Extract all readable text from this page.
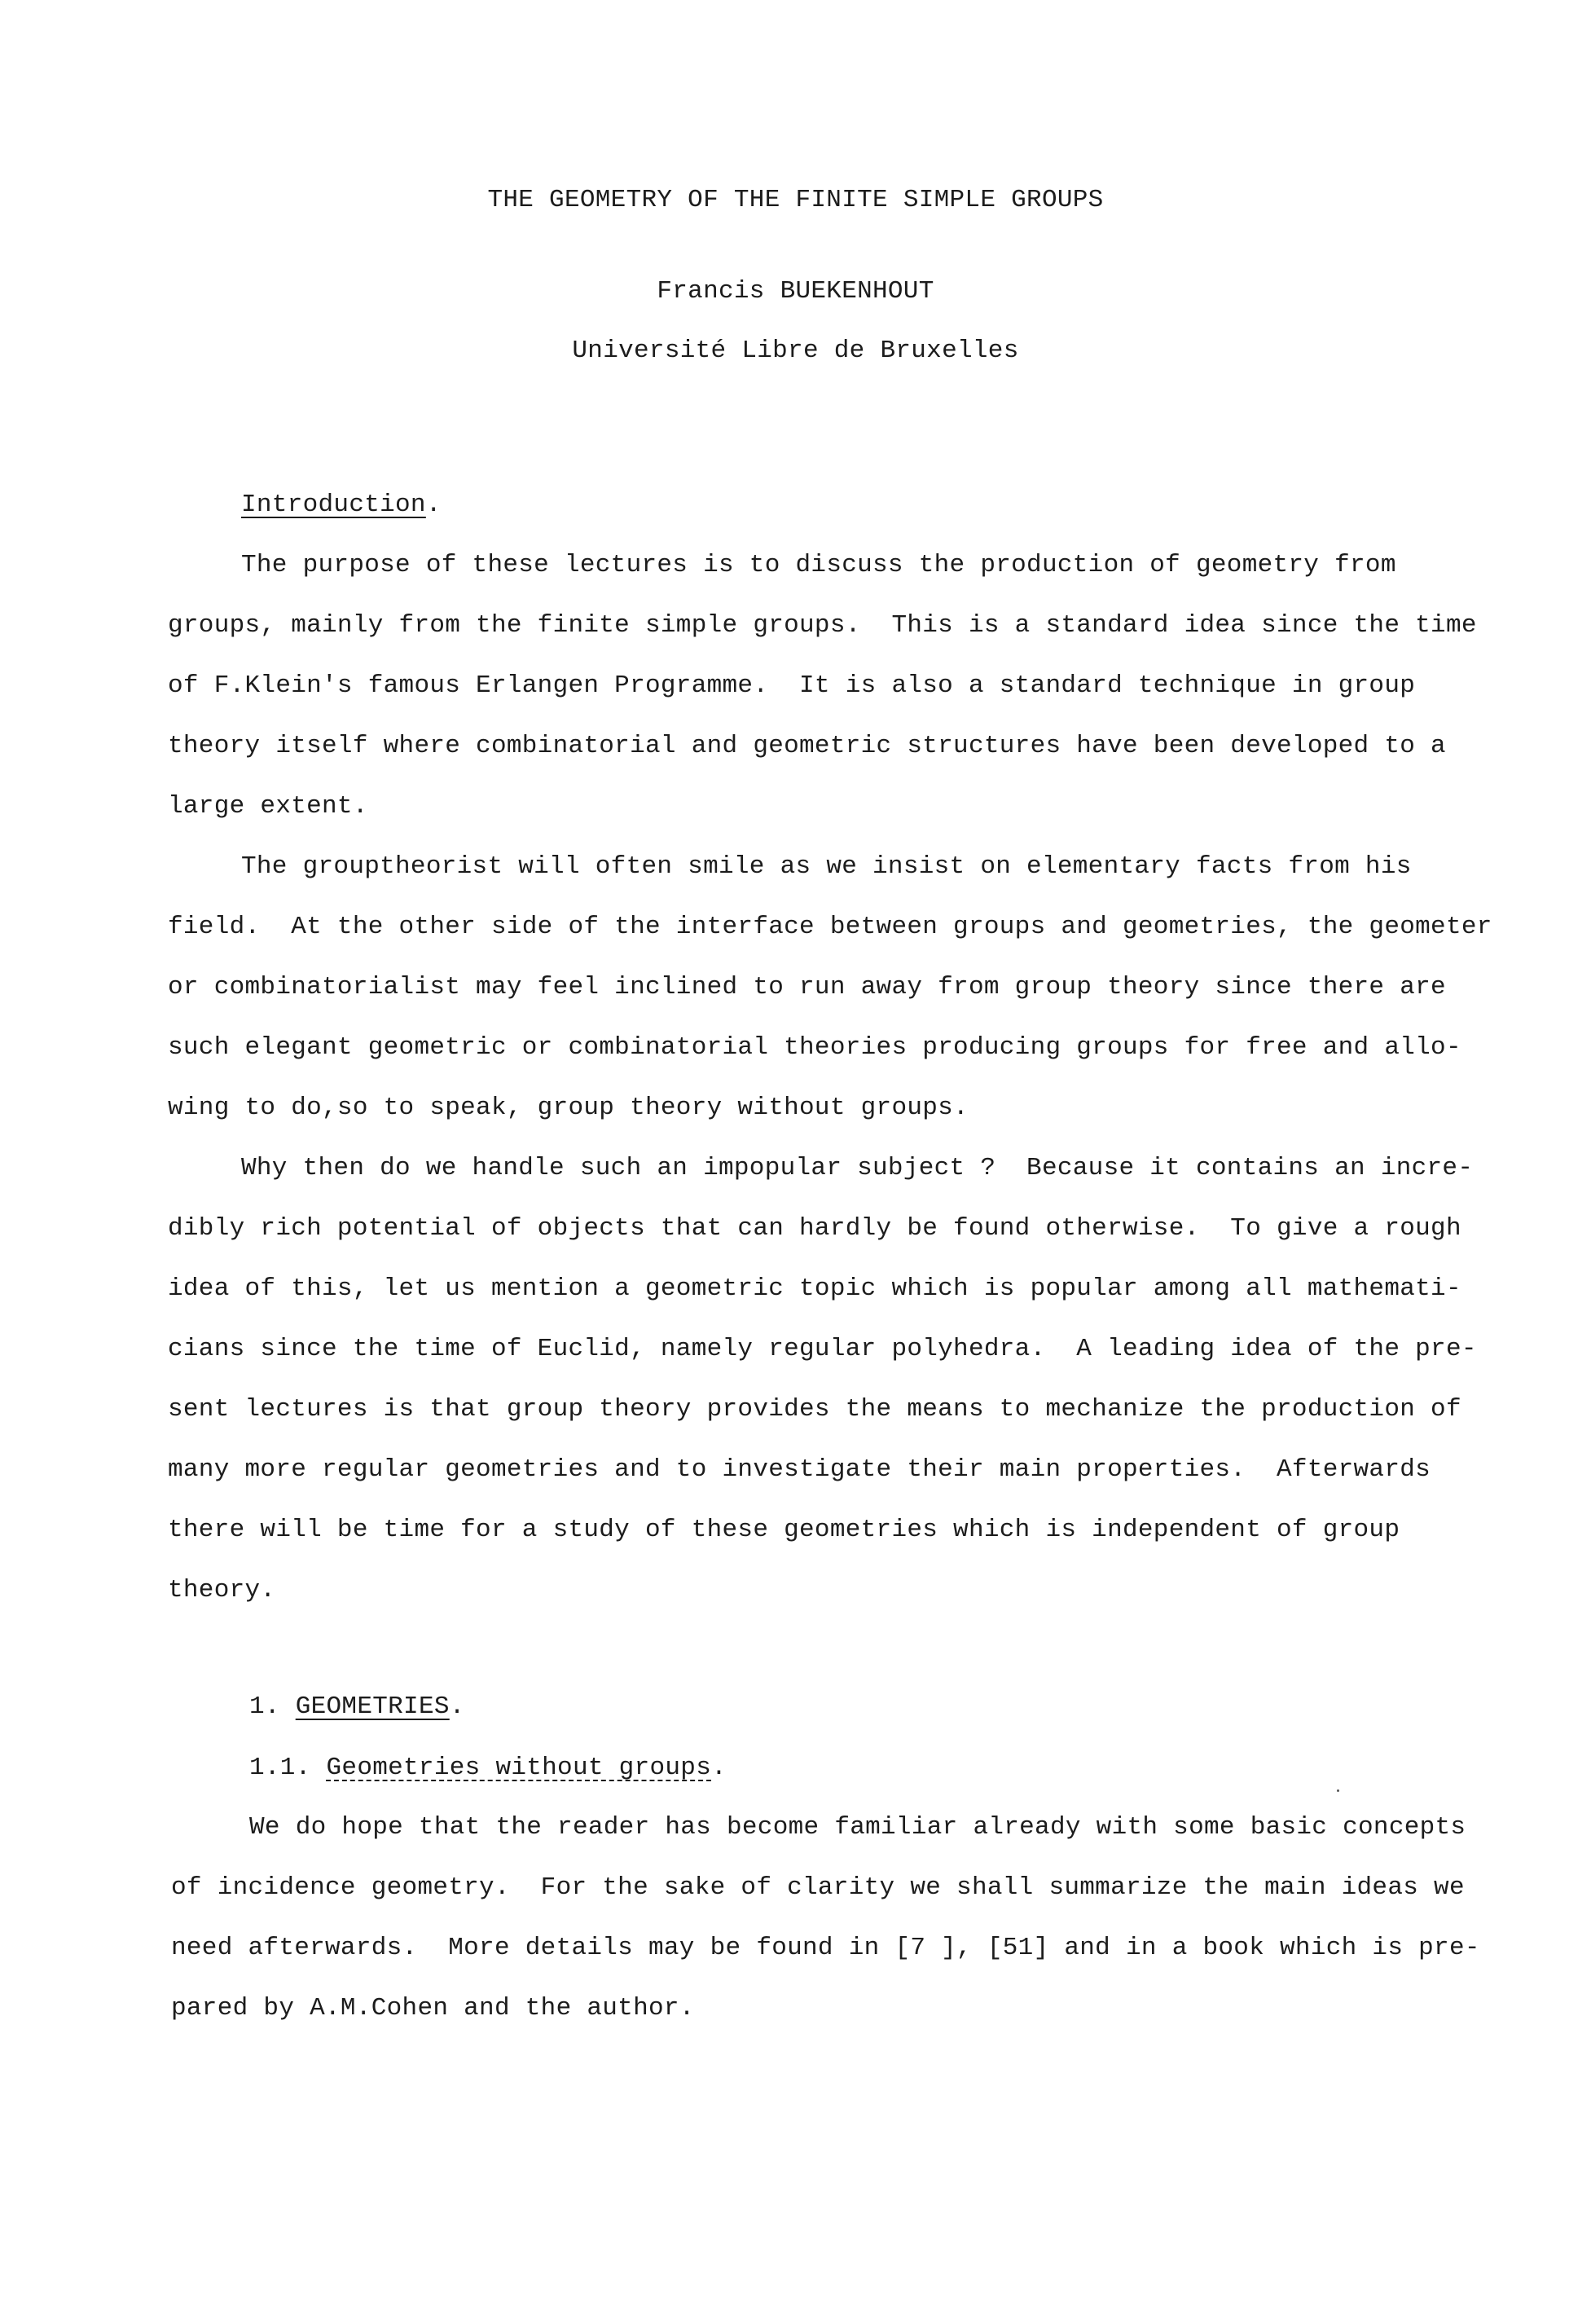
THE GEOMETRY OF THE FINITE SIMPLE GROUPS
Francis BUEKENHOUT
Université Libre de Bruxelles
Introduction.
The purpose of these lectures is to discuss the production of geometry from
groups, mainly from the finite simple groups.  This is a standard idea since the time
of F.Klein's famous Erlangen Programme.  It is also a standard technique in group
theory itself where combinatorial and geometric structures have been developed to a
large extent.
The grouptheorist will often smile as we insist on elementary facts from his
field.  At the other side of the interface between groups and geometries, the geometer
or combinatorialist may feel inclined to run away from group theory since there are
such elegant geometric or combinatorial theories producing groups for free and allo-
wing to do,so to speak, group theory without groups.
Why then do we handle such an impopular subject ?  Because it contains an incre-
dibly rich potential of objects that can hardly be found otherwise.  To give a rough
idea of this, let us mention a geometric topic which is popular among all mathemati-
cians since the time of Euclid, namely regular polyhedra.  A leading idea of the pre-
sent lectures is that group theory provides the means to mechanize the production of
many more regular geometries and to investigate their main properties.  Afterwards
there will be time for a study of these geometries which is independent of group
theory.
1. GEOMETRIES.
1.1. Geometries without groups.
We do hope that the reader has become familiar already with some basic concepts
of incidence geometry.  For the sake of clarity we shall summarize the main ideas we
need afterwards.  More details may be found in [7 ], [51] and in a book which is pre-
pared by A.M.Cohen and the author.
